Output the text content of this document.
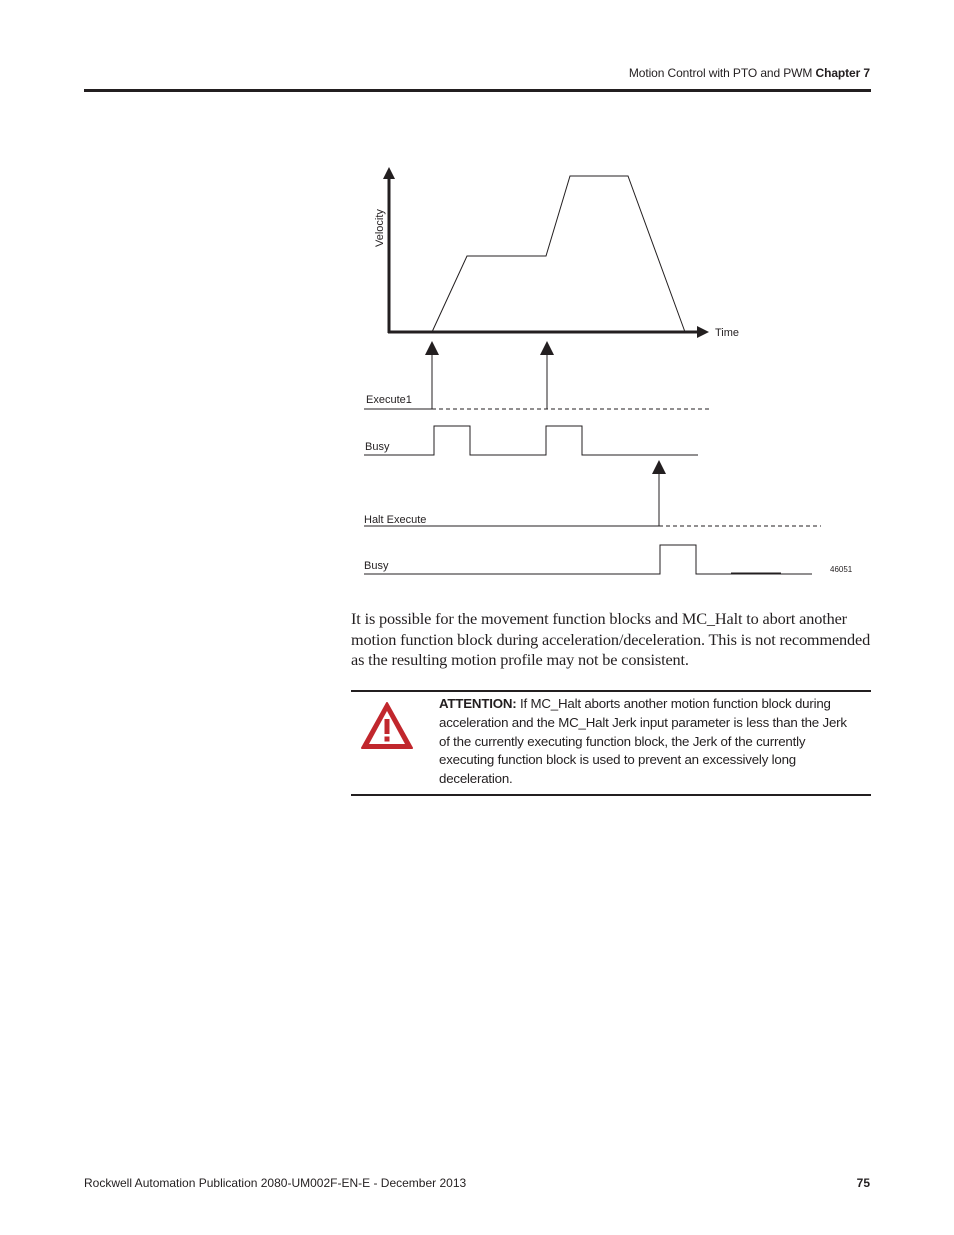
Motion Control with PTO and PWM Chapter 7
Velocity
Time
Execute1
Busy
Halt Execute
Busy	46051
It is possible for the movement function blocks and MC_Halt to abort another motion function block during acceleration/deceleration. This is not recommended as the resulting motion profile may not be consistent.
ATTENTION: If MC_Halt aborts another motion function block during acceleration and the MC_Halt Jerk input parameter is less than the Jerk of the currently executing function block, the Jerk of the currently executing function block is used to prevent an excessively long deceleration.
Rockwell Automation Publication 2080-UM002F-EN-E - December 2013	75
